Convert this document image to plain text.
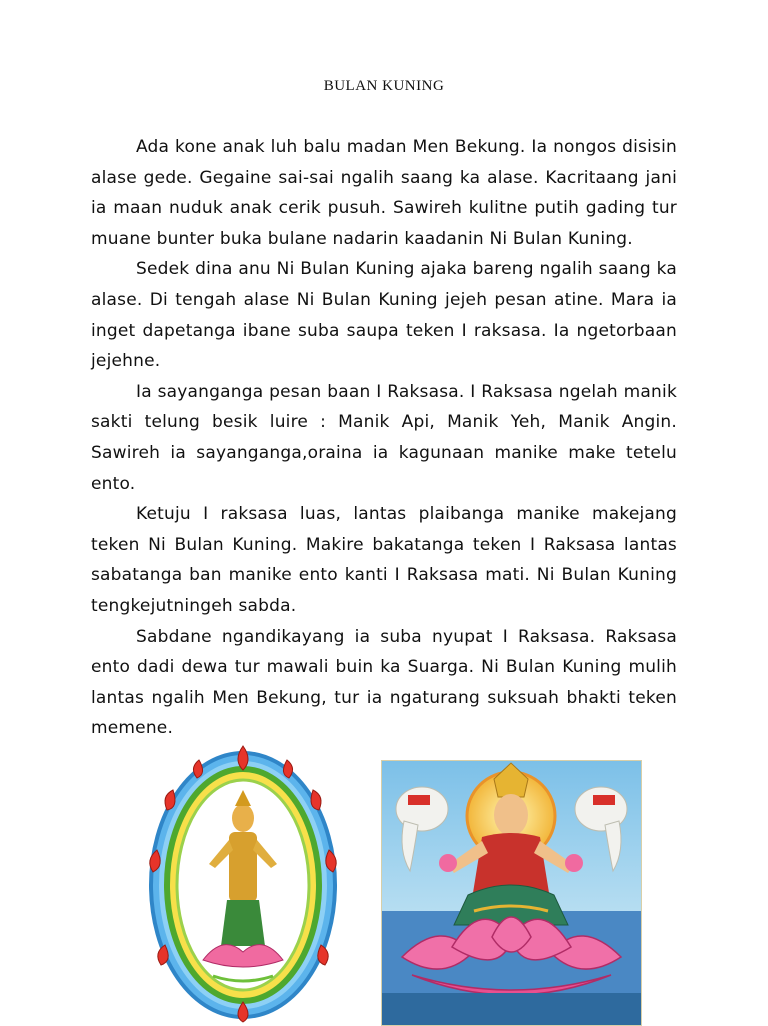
BULAN KUNING

Ada kone anak luh balu madan Men Bekung. Ia nongos disisin alase gede. Gegaine sai-sai ngalih saang ka alase. Kacritaang jani ia maan nuduk anak cerik pusuh. Sawireh kulitne putih gading tur muane bunter buka bulane nadarin kaadanin Ni Bulan Kuning.

Sedek dina anu Ni Bulan Kuning ajaka bareng ngalih saang ka alase. Di tengah alase Ni Bulan Kuning jejeh pesan atine. Mara ia inget dapetanga ibane suba saupa teken I raksasa. Ia ngetorbaan jejehne.

Ia sayanganga pesan baan I Raksasa. I Raksasa ngelah manik sakti telung besik luire : Manik Api, Manik Yeh, Manik Angin. Sawireh ia sayanganga,oraina ia kagunaan manike make tetelu ento.

Ketuju I raksasa luas, lantas plaibanga manike makejang teken Ni Bulan Kuning. Makire bakatanga teken I Raksasa lantas sabatanga ban manike ento kanti I Raksasa mati. Ni Bulan Kuning tengkejutningeh sabda.

Sabdane ngandikayang ia suba nyupat I Raksasa. Raksasa ento dadi dewa tur mawali buin ka Suarga. Ni Bulan Kuning mulih lantas ngalih Men Bekung, tur ia ngaturang suksuah bhakti teken memene.
